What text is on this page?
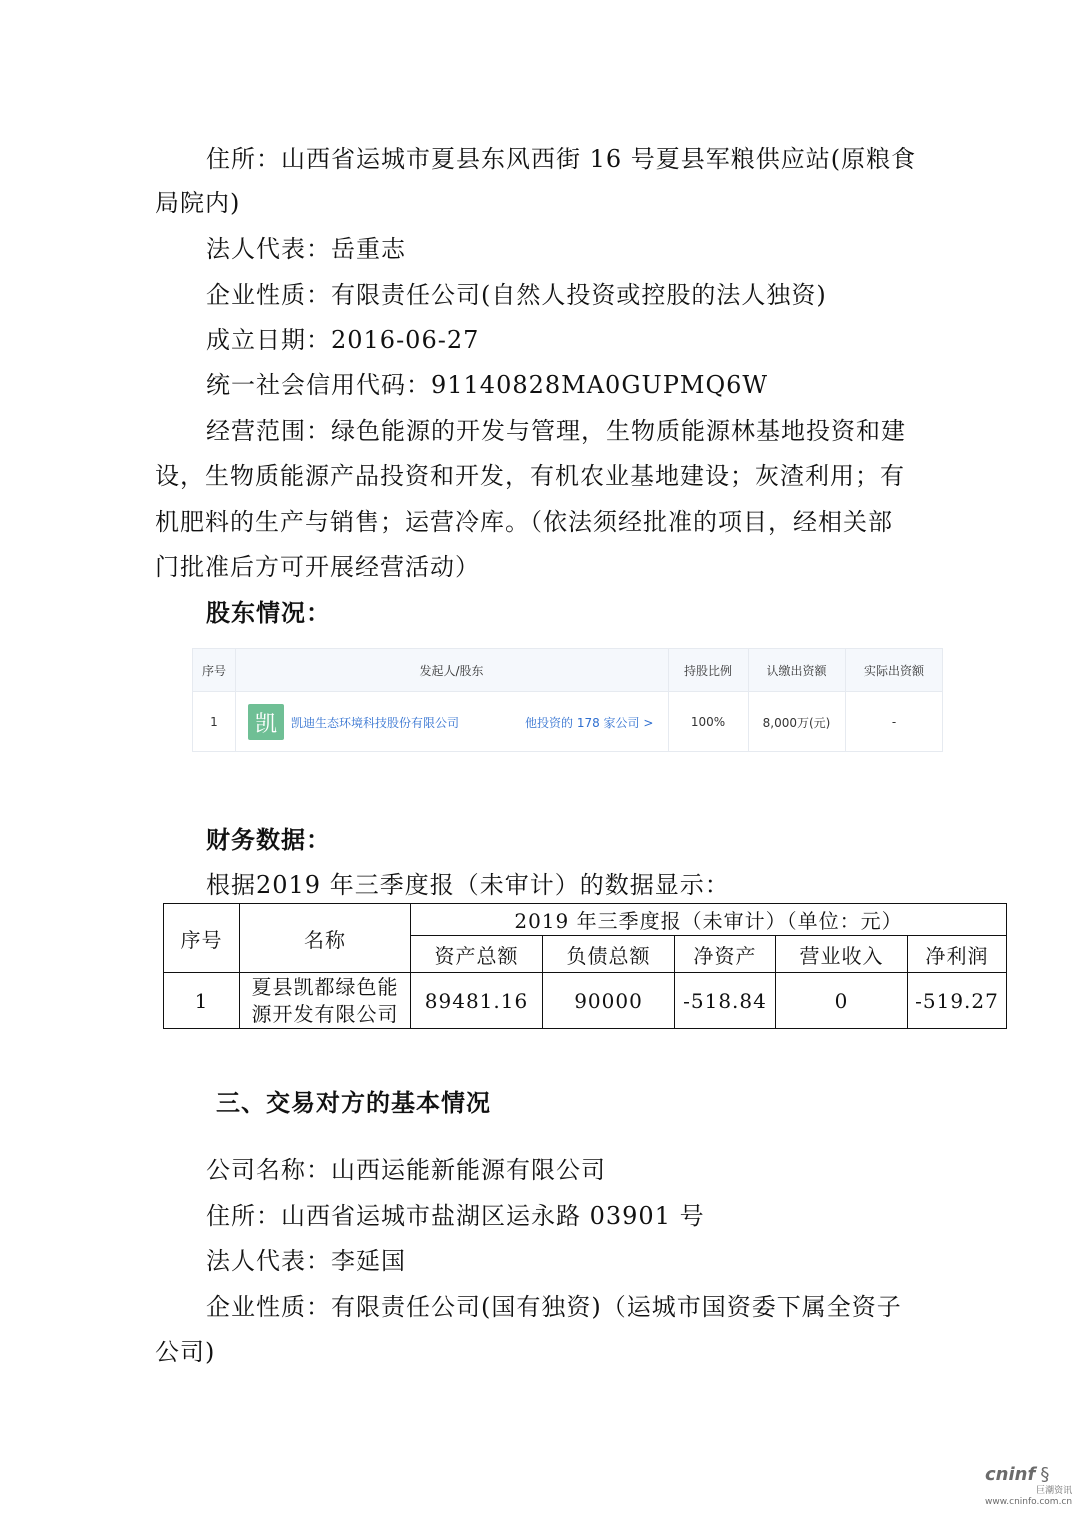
住所：山西省运城市夏县东风西街 16 号夏县军粮供应站(原粮食
局院内)
法人代表：岳重志
企业性质：有限责任公司(自然人投资或控股的法人独资)
成立日期：2016-06-27
统一社会信用代码：91140828MA0GUPMQ6W
经营范围：绿色能源的开发与管理，生物质能源林基地投资和建
设，生物质能源产品投资和开发，有机农业基地建设；灰渣利用；有
机肥料的生产与销售；运营冷库。（依法须经批准的项目，经相关部
门批准后方可开展经营活动）
股东情况：
序号	发起人/股东	持股比例	认缴出资额	实际出资额
1	凯	凯迪生态环境科技股份有限公司	他投资的 178 家公司 >	100%	8,000万(元)	-
财务数据：
根据2019 年三季度报（未审计）的数据显示：
序号	名称	2019 年三季度报（未审计）（单位：元）				
		资产总额	负债总额	净资产	营业收入	净利润
1	夏县凯都绿色能
源开发有限公司	89481.16	90000	-518.84	0	-519.27
三、交易对方的基本情况
公司名称：山西运能新能源有限公司
住所：山西省运城市盐湖区运永路 03901 号
法人代表：李延国
企业性质：有限责任公司(国有独资)（运城市国资委下属全资子
公司)
cninf §
巨潮资讯
www.cninfo.com.cn
